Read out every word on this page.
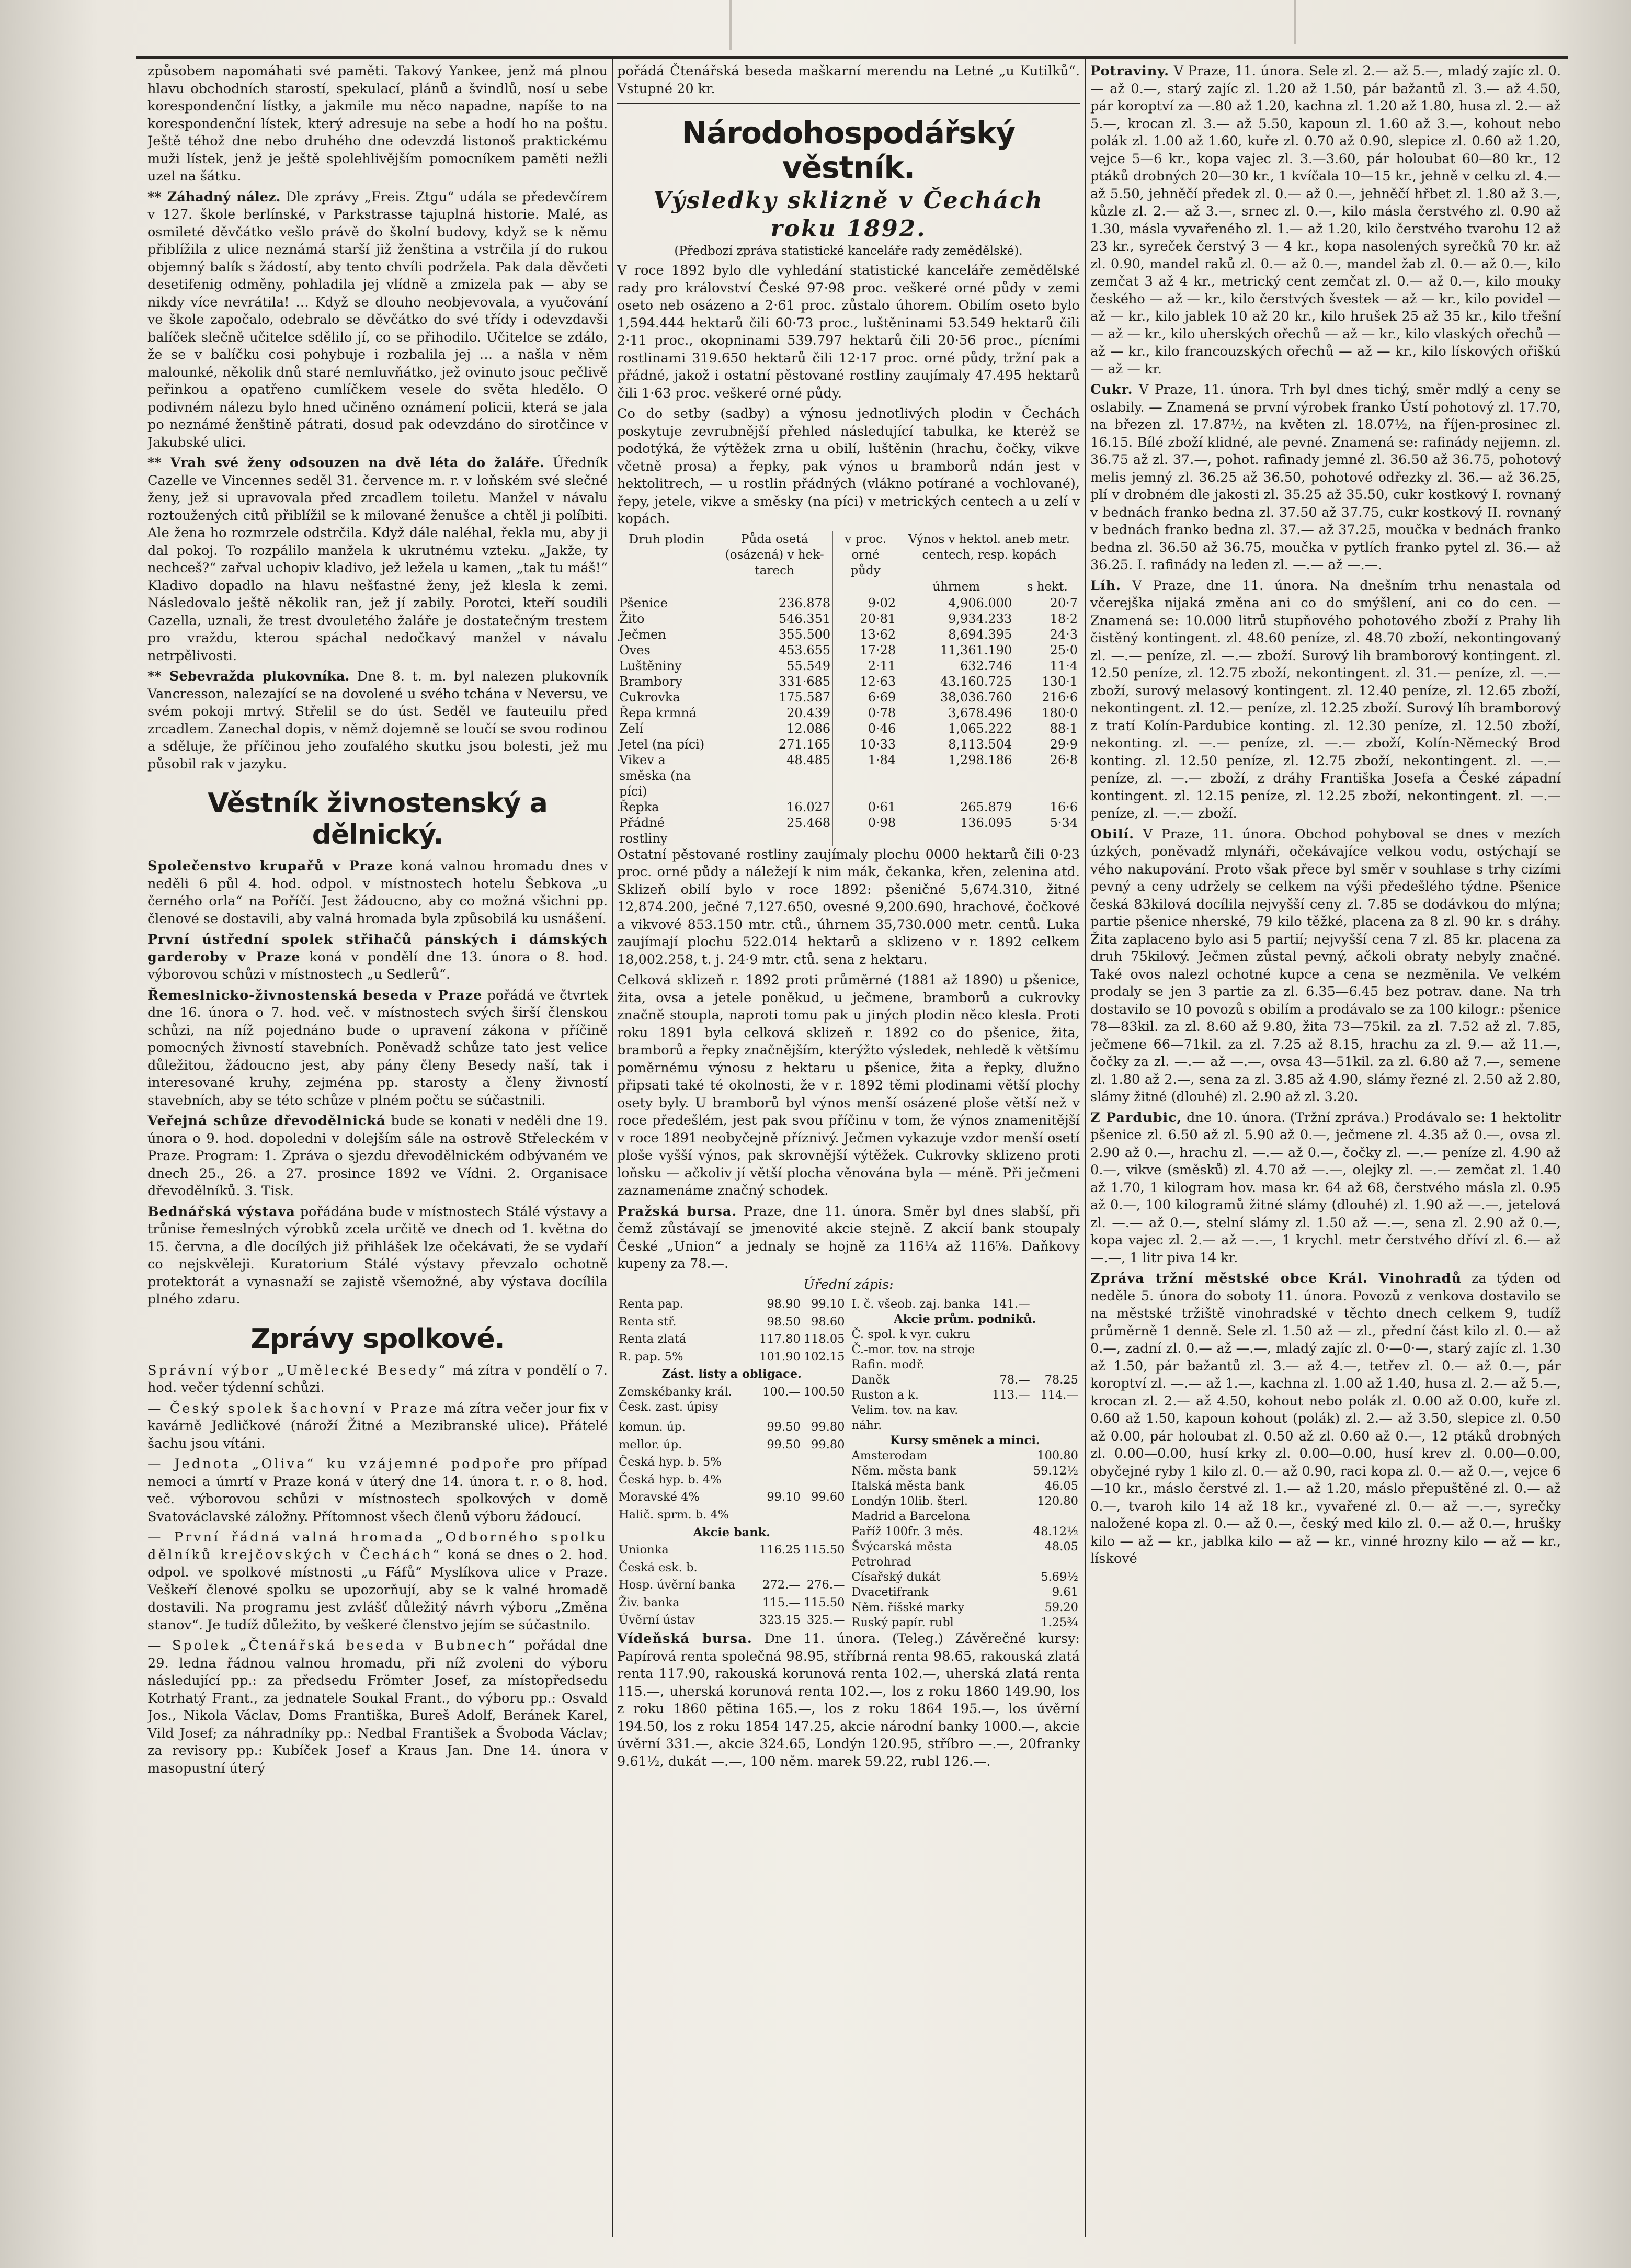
způsobem napomáhati své paměti. Takový Yankee, jenž má plnou hlavu obchodních starostí, spekulací, plánů a švindlů, nosí u sebe korespondenční lístky, a jakmile mu něco napadne, napíše to na korespondenční lístek, který adresuje na sebe a hodí ho na poštu. Ještě téhož dne nebo druhého dne odevzdá listonoš praktickému muži lístek, jenž je ještě spolehlivějším pomocníkem paměti nežli uzel na šátku.

** Záhadný nález. Dle zprávy „Freis. Ztgu“ udála se předevčírem v 127. škole berlínské, v Parkstrasse tajuplná historie. Malé, as osmileté děvčátko vešlo právě do školní budovy, když se k němu přiblížila z ulice neznámá starší již ženština a vstrčila jí do rukou objemný balík s žádostí, aby tento chvíli podržela. Pak dala děvčeti desetifenig odměny, pohladila jej vlídně a zmizela pak — aby se nikdy více nevrátila! … Když se dlouho neobjevovala, a vyučování ve škole započalo, odebralo se děvčátko do své třídy i odevzdavši balíček slečně učitelce sdělilo jí, co se přihodilo. Učitelce se zdálo, že se v balíčku cosi pohybuje i rozbalila jej … a našla v něm malounké, několik dnů staré nemluvňátko, jež ovinuto jsouc pečlivě peřinkou a opatřeno cumlíčkem vesele do světa hledělo. O podivném nálezu bylo hned učiněno oznámení policii, která se jala po neznámé ženštině pátrati, dosud pak odevzdáno do sirotčince v Jakubské ulici.

** Vrah své ženy odsouzen na dvě léta do žaláře. Úředník Cazelle ve Vincennes seděl 31. července m. r. v loňském své slečné ženy, jež si upravovala před zrcadlem toiletu. Manžel v návalu roztoužených citů přiblížil se k milované ženušce a chtěl ji políbiti. Ale žena ho rozmrzele odstrčila. Když dále naléhal, řekla mu, aby ji dal pokoj. To rozpálilo manžela k ukrutnému vzteku. „Jakže, ty nechceš?“ zařval uchopiv kladivo, jež ležela u kamen, „tak tu máš!“ Kladivo dopadlo na hlavu nešťastné ženy, jež klesla k zemi. Následovalo ještě několik ran, jež jí zabily. Porotci, kteří soudili Cazella, uznali, že trest dvouletého žaláře je dostatečným trestem pro vraždu, kterou spáchal nedočkavý manžel v návalu netrpělivosti.

** Sebevražda plukovníka. Dne 8. t. m. byl nalezen plukovník Vancresson, nalezající se na dovolené u svého tchána v Neversu, ve svém pokoji mrtvý. Střelil se do úst. Seděl ve fauteuilu před zrcadlem. Zanechal dopis, v němž dojemně se loučí se svou rodinou a sděluje, že příčinou jeho zoufalého skutku jsou bolesti, jež mu působil rak v jazyku.

Věstník živnostenský a dělnický.

Společenstvo krupařů v Praze koná valnou hromadu dnes v neděli 6 půl 4. hod. odpol. v místnostech hotelu Šebkova „u černého orla“ na Poříčí. Jest žádoucno, aby co možná všichni pp. členové se dostavili, aby valná hromada byla způsobilá ku usnášení.

První ústřední spolek střihačů pánských i dámských garderoby v Praze koná v pondělí dne 13. února o 8. hod. výborovou schůzi v místnostech „u Sedlerů“.

Řemeslnicko-živnostenská beseda v Praze pořádá ve čtvrtek dne 16. února o 7. hod. več. v místnostech svých širší členskou schůzi, na níž pojednáno bude o upravení zákona v příčině pomocných živností stavebních. Poněvadž schůze tato jest velice důležitou, žádoucno jest, aby pány členy Besedy naší, tak i interesované kruhy, zejména pp. starosty a členy živností stavebních, aby se této schůze v plném počtu se súčastnili.

Veřejná schůze dřevodělnická bude se konati v neděli dne 19. února o 9. hod. dopoledni v dolejším sále na ostrově Střeleckém v Praze. Program: 1. Zpráva o sjezdu dřevodělnickém odbývaném ve dnech 25., 26. a 27. prosince 1892 ve Vídni. 2. Organisace dřevodělníků. 3. Tisk.

Bednářská výstava pořádána bude v místnostech Stálé výstavy a trůnise řemeslných výrobků zcela určitě ve dnech od 1. května do 15. června, a dle docílých již přihlášek lze očekávati, že se vydaří co nejskvěleji. Kuratorium Stálé výstavy převzalo ochotně protektorát a vynasnaží se zajistě všemožné, aby výstava docílila plného zdaru.

Zprávy spolkové.

Správní výbor „Umělecké Besedy“ má zítra v pondělí o 7. hod. večer týdenní schůzi.

— Český spolek šachovní v Praze má zítra večer jour fix v kavárně Jedličkové (nároží Žitné a Mezibranské ulice). Přátelé šachu jsou vítáni.

— Jednota „Oliva“ ku vzájemné podpoře pro případ nemoci a úmrtí v Praze koná v úterý dne 14. února t. r. o 8. hod. več. výborovou schůzi v místnostech spolkových v domě Svatováclavské záložny. Přítomnost všech členů výboru žádoucí.

— První řádná valná hromada „Odborného spolku dělníků krejčovských v Čechách“ koná se dnes o 2. hod. odpol. ve spolkové místnosti „u Fáfů“ Myslíkova ulice v Praze. Veškeří členové spolku se upozorňují, aby se k valné hromadě dostavili. Na programu jest zvlášť důležitý návrh výboru „Změna stanov“. Je tudíž důležito, by veškeré členstvo jejím se súčastnilo.

— Spolek „Čtenářská beseda v Bubnech“ pořádal dne 29. ledna řádnou valnou hromadu, při níž zvoleni do výboru následující pp.: za předsedu Frömter Josef, za místopředsedu Kotrhatý Frant., za jednatele Soukal Frant., do výboru pp.: Osvald Jos., Nikola Václav, Doms Františka, Bureš Adolf, Beránek Karel, Vild Josef; za náhradníky pp.: Nedbal František a Švoboda Václav; za revisory pp.: Kubíček Josef a Kraus Jan. Dne 14. února v masopustní úterý

pořádá Čtenářská beseda maškarní merendu na Letné „u Kutilků“. Vstupné 20 kr.

Národohospodářský věstník.
Výsledky sklizně v Čechách
roku 1892.

(Předbozí zpráva statistické kanceláře rady zemědělské).

V roce 1892 bylo dle vyhledání statistické kanceláře zemědělské rady pro království České 97·98 proc. veškeré orné půdy v zemi oseto neb osázeno a 2·61 proc. zůstalo úhorem. Obilím oseto bylo 1,594.444 hektarů čili 60·73 proc., luštěninami 53.549 hektarů čili 2·11 proc., okopninami 539.797 hektarů čili 20·56 proc., pícními rostlinami 319.650 hektarů čili 12·17 proc. orné půdy, tržní pak a přádné, jakož i ostatní pěstované rostliny zaujímaly 47.495 hektarů čili 1·63 proc. veškeré orné půdy.

Co do setby (sadby) a výnosu jednotlivých plodin v Čechách poskytuje zevrubnější přehled následující tabulka, ke kterėž se podotýká, že výtěžek zrna u obilí, luštěnin (hrachu, čočky, vikve včetně prosa) a řepky, pak výnos u bramborů ndán jest v hektolitrech, — u rostlin přádných (vlákno potírané a vochlované), řepy, jetele, vikve a směsky (na píci) v metrických centech a u zelí v kopách.

Druh plodin	Půda osetá (osázená) v hek- tarech	v proc. orné půdy	Výnos v hektol. aneb metr. centech, resp. kopách	
			úhrnem	s hekt.
Pšenice	236.878	9·02	4,906.000	20·7
Žito	546.351	20·81	9,934.233	18·2
Ječmen	355.500	13·62	8,694.395	24·3
Oves	453.655	17·28	11,361.190	25·0
Luštěniny	55.549	2·11	632.746	11·4
Brambory	331·685	12·63	43.160.725	130·1
Cukrovka	175.587	6·69	38,036.760	216·6
Řepa krmná	20.439	0·78	3,678.496	180·0
Zelí	12.086	0·46	1,065.222	88·1
Jetel (na píci)	271.165	10·33	8,113.504	29·9
Vikev a směska (na píci)	48.485	1·84	1,298.186	26·8
Řepka	16.027	0·61	265.879	16·6
Přádné rostliny	25.468	0·98	136.095	5·34

Ostatní pěstované rostliny zaujímaly plochu 0000 hektarů čili 0·23 proc. orné půdy a náležejí k nim mák, čekanka, křen, zelenina atd. Sklizeň obilí bylo v roce 1892: pšeničné 5,674.310, žitné 12,874.200, ječné 7,127.650, ovesné 9,200.690, hrachové, čočkové a vikvové 853.150 mtr. ctů., úhrnem 35,730.000 metr. centů. Luka zaujímají plochu 522.014 hektarů a sklizeno v r. 1892 celkem 18,002.258, t. j. 24·9 mtr. ctů. sena z hektaru.

Celková sklizeň r. 1892 proti průměrné (1881 až 1890) u pšenice, žita, ovsa a jetele poněkud, u ječmene, bramborů a cukrovky značně stoupla, naproti tomu pak u jiných plodin něco klesla. Proti roku 1891 byla celková sklizeň r. 1892 co do pšenice, žita, bramborů a řepky značnějším, kterýžto výsledek, nehledě k většímu poměrnému výnosu z hektaru u pšenice, žita a řepky, dlužno připsati také té okolnosti, že v r. 1892 těmi plodinami větší plochy osety byly. U bramborů byl výnos menší osázené ploše větší než v roce předešlém, jest pak svou příčinu v tom, že výnos znamenitější v roce 1891 neobyčejně příznivý. Ječmen vykazuje vzdor menší osetí ploše vyšší výnos, pak skrovnější výtěžek. Cukrovky sklizeno proti loňsku — ačkoliv jí větší plocha věnována byla — méně. Při ječmeni zaznamenáme značný schodek.

Pražská bursa. Praze, dne 11. února. Směr byl dnes slabší, při čemž zůstávají se jmenovité akcie stejně. Z akcií bank stoupaly České „Union“ a jednaly se hojně za 116¼ až 116⅝. Daňkovy kupeny za 78.—.

Úřední zápis:

Renta pap.	98.90	99.10
Renta stř.	98.50	98.60
Renta zlatá	117.80	118.05
R. pap. 5%	101.90	102.15
Zást. listy a obligace.		
Zemskébanky král. Česk. zast. úpisy	100.—	100.50
komun. úp.	99.50	99.80
mellor. úp.	99.50	99.80
Česká hyp. b. 5%		
Česká hyp. b. 4%		
Moravské 4%	99.10	99.60
Halič. sprm. b. 4%		
Akcie bank.		
Unionka	116.25	115.50
Česká esk. b.		
Hosp. úvěrní banka	272.—	276.—
Živ. banka	115.—	115.50
Úvěrní ústav	323.15	325.—
I. č. všeob. zaj. banka	141.—	
Akcie prům. podniků.		
Č. spol. k vyr. cukru		
Č.-mor. tov. na stroje		
Rafin. modř.		
Daněk	78.—	78.25
Ruston a k.	113.—	114.—
Velim. tov. na kav. náhr.		
Kursy směnek a minci.		
Amsterodam		100.80
Něm. města bank		59.12½
Italská města bank		46.05
Londýn 10lib. šterl.		120.80
Madrid a Barcelona		
Paříž 100fr. 3 měs.		48.12½
Švýcarská města		48.05
Petrohrad		
Císařský dukát		5.69½
Dvacetifrank		9.61
Něm. říšské marky		59.20
Ruský papír. rubl		1.25¾

Vídeňská bursa. Dne 11. února. (Teleg.) Závěrečné kursy: Papírová renta společná 98.95, stříbrná renta 98.65, rakouská zlatá renta 117.90, rakouská korunová renta 102.—, uherská zlatá renta 115.—, uherská korunová renta 102.—, los z roku 1860 149.90, los z roku 1860 pětina 165.—, los z roku 1864 195.—, los úvěrní 194.50, los z roku 1854 147.25, akcie národní banky 1000.—, akcie úvěrní 331.—, akcie 324.65, Londýn 120.95, stříbro —.—, 20franky 9.61½, dukát —.—, 100 něm. marek 59.22, rubl 126.—.

Potraviny. V Praze, 11. února. Sele zl. 2.— až 5.—, mladý zajíc zl. 0.— až 0.—, starý zajíc zl. 1.20 až 1.50, pár bažantů zl. 3.— až 4.50, pár koroptví za —.80 až 1.20, kachna zl. 1.20 až 1.80, husa zl. 2.— až 5.—, krocan zl. 3.— až 5.50, kapoun zl. 1.60 až 3.—, kohout nebo polák zl. 1.00 až 1.60, kuře zl. 0.70 až 0.90, slepice zl. 0.60 až 1.20, vejce 5—6 kr., kopa vajec zl. 3.—3.60, pár holoubat 60—80 kr., 12 ptáků drobných 20—30 kr., 1 kvíčala 10—15 kr., jehně v celku zl. 4.— až 5.50, jehněčí předek zl. 0.— až 0.—, jehněčí hřbet zl. 1.80 až 3.—, kůzle zl. 2.— až 3.—, srnec zl. 0.—, kilo másla čerstvého zl. 0.90 až 1.30, másla vyvařeného zl. 1.— až 1.20, kilo čerstvého tvarohu 12 až 23 kr., syreček čerstvý 3 — 4 kr., kopa nasolených syrečků 70 kr. až zl. 0.90, mandel raků zl. 0.— až 0.—, mandel žab zl. 0.— až 0.—, kilo zemčat 3 až 4 kr., metrický cent zemčat zl. 0.— až 0.—, kilo mouky českého — až — kr., kilo čerstvých švestek — až — kr., kilo povidel — až — kr., kilo jablek 10 až 20 kr., kilo hrušek 25 až 35 kr., kilo třešní — až — kr., kilo uherských ořechů — až — kr., kilo vlaských ořechů — až — kr., kilo francouzských ořechů — až — kr., kilo lískových ořiškú — až — kr.

Cukr. V Praze, 11. února. Trh byl dnes tichý, směr mdlý a ceny se oslabily. — Znamená se první výrobek franko Ústí pohotový zl. 17.70, na březen zl. 17.87½, na květen zl. 18.07½, na říjen-prosinec zl. 16.15. Bílé zboží klidné, ale pevné. Znamená se: rafinády nejjemn. zl. 36.75 až zl. 37.—, pohot. rafinady jemné zl. 36.50 až 36.75, pohotový melis jemný zl. 36.25 až 36.50, pohotové odřezky zl. 36.— až 36.25, plí v drobném dle jakosti zl. 35.25 až 35.50, cukr kostkový I. rovnaný v bednách franko bedna zl. 37.50 až 37.75, cukr kostkový II. rovnaný v bednách franko bedna zl. 37.— až 37.25, moučka v bednách franko bedna zl. 36.50 až 36.75, moučka v pytlích franko pytel zl. 36.— až 36.25. I. rafinády na leden zl. —.— až —.—.

Líh. V Praze, dne 11. února. Na dnešním trhu nenastala od včerejška nijaká změna ani co do smýšlení, ani co do cen. — Znamená se: 10.000 litrů stupňového pohotového zboží z Prahy lih čistěný kontingent. zl. 48.60 peníze, zl. 48.70 zboží, nekontingovaný zl. —.— peníze, zl. —.— zboží. Surový lih bramborový kontingent. zl. 12.50 peníze, zl. 12.75 zboží, nekontingent. zl. 31.— peníze, zl. —.— zboží, surový melasový kontingent. zl. 12.40 peníze, zl. 12.65 zboží, nekontingent. zl. 12.— peníze, zl. 12.25 zboží. Surový líh bramborový z tratí Kolín-Pardubice konting. zl. 12.30 peníze, zl. 12.50 zboží, nekonting. zl. —.— peníze, zl. —.— zboží, Kolín-Německý Brod konting. zl. 12.50 peníze, zl. 12.75 zboží, nekontingent. zl. —.— peníze, zl. —.— zboží, z dráhy Františka Josefa a České západní kontingent. zl. 12.15 peníze, zl. 12.25 zboží, nekontingent. zl. —.— peníze, zl. —.— zboží.

Obilí. V Praze, 11. února. Obchod pohyboval se dnes v mezích úzkých, poněvadž mlynáři, očekávajíce velkou vodu, ostýchají se vého nakupování. Proto však přece byl směr v souhlase s trhy cizími pevný a ceny udržely se celkem na výši předešlého týdne. Pšenice česká 83kilová docílila nejvyšší ceny zl. 7.85 se dodávkou do mlýna; partie pšenice nherské, 79 kilo těžké, placena za 8 zl. 90 kr. s dráhy. Žita zaplaceno bylo asi 5 partií; nejvyšší cena 7 zl. 85 kr. placena za druh 75kilový. Ječmen zůstal pevný, ačkoli obraty nebyly značné. Také ovos nalezl ochotné kupce a cena se nezměnila. Ve velkém prodaly se jen 3 partie za zl. 6.35—6.45 bez potrav. dane. Na trh dostavilo se 10 povozů s obilím a prodávalo se za 100 kilogr.: pšenice 78—83kil. za zl. 8.60 až 9.80, žita 73—75kil. za zl. 7.52 až zl. 7.85, ječmene 66—71kil. za zl. 7.25 až 8.15, hrachu za zl. 9.— až 11.—, čočky za zl. —.— až —.—, ovsa 43—51kil. za zl. 6.80 až 7.—, semene zl. 1.80 až 2.—, sena za zl. 3.85 až 4.90, slámy řezné zl. 2.50 až 2.80, slámy žitné (dlouhé) zl. 2.90 až zl. 3.20.

Z Pardubic, dne 10. února. (Tržní zpráva.) Prodávalo se: 1 hektolitr pšenice zl. 6.50 až zl. 5.90 až 0.—, ječmene zl. 4.35 až 0.—, ovsa zl. 2.90 až 0.—, hrachu zl. —.— až 0.—, čočky zl. —.— peníze zl. 4.90 až 0.—, vikve (směsků) zl. 4.70 až —.—, olejky zl. —.— zemčat zl. 1.40 až 1.70, 1 kilogram hov. masa kr. 64 až 68, čerstvého másla zl. 0.95 až 0.—, 100 kilogramů žitné slámy (dlouhé) zl. 1.90 až —.—, jetelová zl. —.— až 0.—, stelní slámy zl. 1.50 až —.—, sena zl. 2.90 až 0.—, kopa vajec zl. 2.— až —.—, 1 krychl. metr čerstvého dříví zl. 6.— až —.—, 1 litr piva 14 kr.

Zpráva tržní městské obce Král. Vinohradů za týden od neděle 5. února do soboty 11. února. Povozů z venkova dostavilo se na městské tržiště vinohradské v těchto dnech celkem 9, tudíž průměrně 1 denně. Sele zl. 1.50 až — zl., přední část kilo zl. 0.— až 0.—, zadní zl. 0.— až —.—, mladý zajíc zl. 0·—0·—, starý zajíc zl. 1.30 až 1.50, pár bažantů zl. 3.— až 4.—, tetřev zl. 0.— až 0.—, pár koroptví zl. —.— až 1.—, kachna zl. 1.00 až 1.40, husa zl. 2.— až 5.—, krocan zl. 2.— až 4.50, kohout nebo polák zl. 0.00 až 0.00, kuře zl. 0.60 až 1.50, kapoun kohout (polák) zl. 2.— až 3.50, slepice zl. 0.50 až 0.00, pár holoubat zl. 0.50 až zl. 0.60 až 0.—, 12 ptáků drobných zl. 0.00—0.00, husí krky zl. 0.00—0.00, husí krev zl. 0.00—0.00, obyčejné ryby 1 kilo zl. 0.— až 0.90, raci kopa zl. 0.— až 0.—, vejce 6—10 kr., máslo čerstvé zl. 1.— až 1.20, máslo přepuštěné zl. 0.— až 0.—, tvaroh kilo 14 až 18 kr., vyvařené zl. 0.— až —.—, syrečky naložené kopa zl. 0.— až 0.—, český med kilo zl. 0.— až 0.—, hrušky kilo — až — kr., jablka kilo — až — kr., vinné hrozny kilo — až — kr., lískové
